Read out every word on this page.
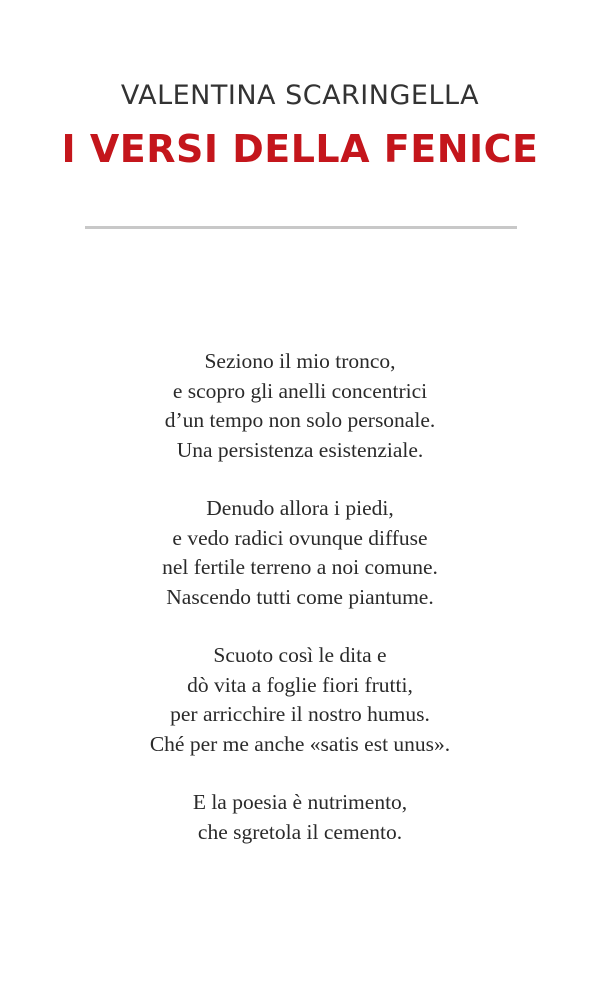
VALENTINA SCARINGELLA
I VERSI DELLA FENICE
Seziono il mio tronco,
e scopro gli anelli concentrici
d’un tempo non solo personale.
Una persistenza esistenziale.
Denudo allora i piedi,
e vedo radici ovunque diffuse
nel fertile terreno a noi comune.
Nascendo tutti come piantume.
Scuoto così le dita e
dò vita a foglie fiori frutti,
per arricchire il nostro humus.
Ché per me anche «satis est unus».
E la poesia è nutrimento,
che sgretola il cemento.
